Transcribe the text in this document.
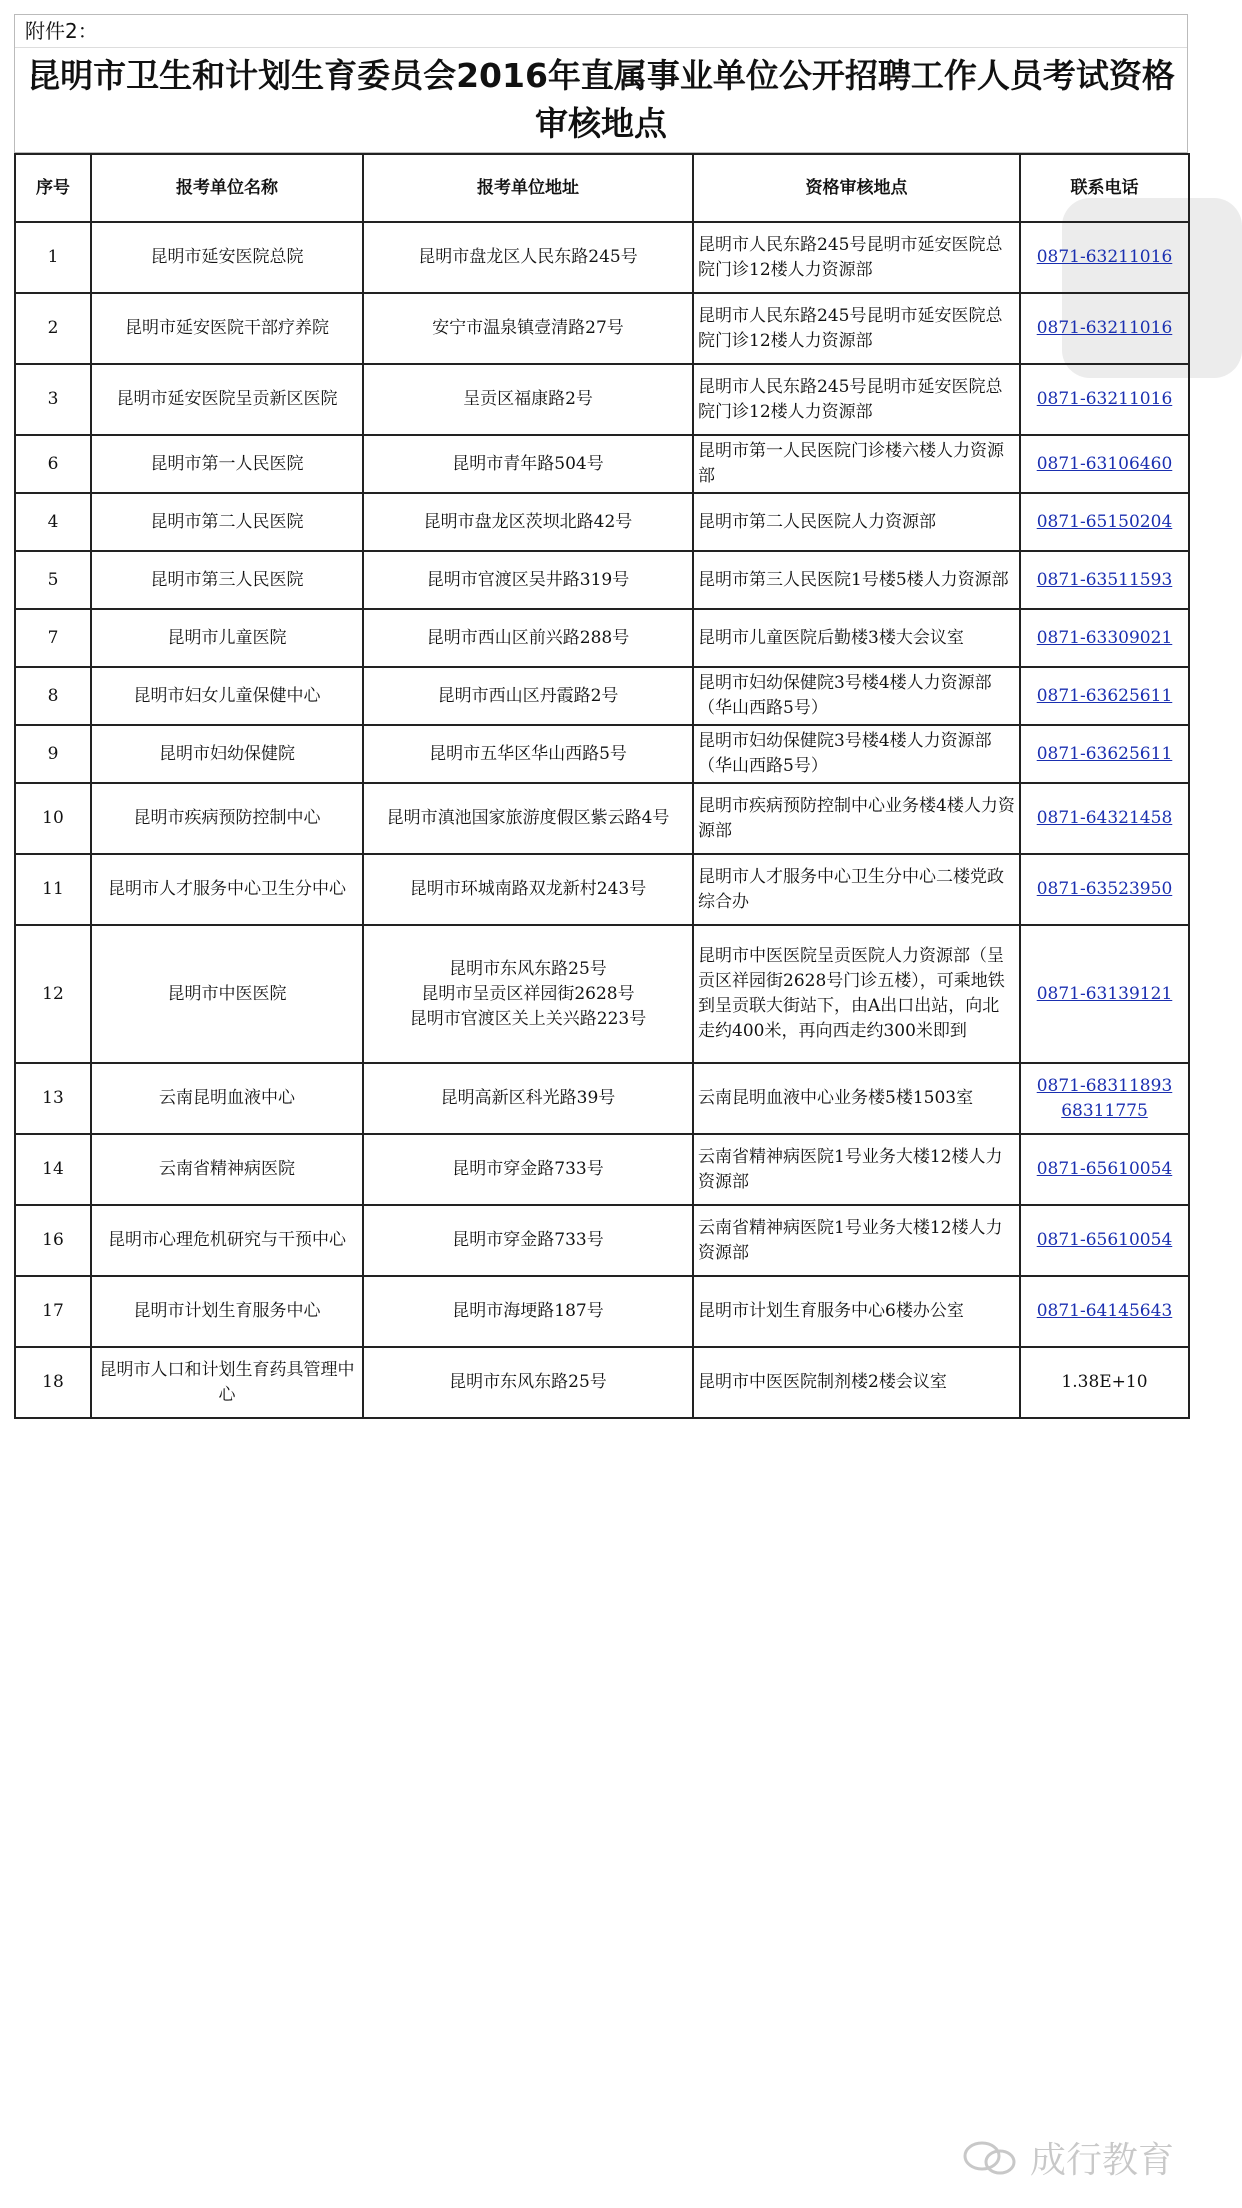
附件2：
昆明市卫生和计划生育委员会2016年直属事业单位公开招聘工作人员考试资格审核地点
序号	报考单位名称	报考单位地址	资格审核地点	联系电话
1	昆明市延安医院总院	昆明市盘龙区人民东路245号	昆明市人民东路245号昆明市延安医院总院门诊12楼人力资源部	0871-63211016
2	昆明市延安医院干部疗养院	安宁市温泉镇壹清路27号	昆明市人民东路245号昆明市延安医院总院门诊12楼人力资源部	0871-63211016
3	昆明市延安医院呈贡新区医院	呈贡区福康路2号	昆明市人民东路245号昆明市延安医院总院门诊12楼人力资源部	0871-63211016
6	昆明市第一人民医院	昆明市青年路504号	昆明市第一人民医院门诊楼六楼人力资源部	0871-63106460
4	昆明市第二人民医院	昆明市盘龙区茨坝北路42号	昆明市第二人民医院人力资源部	0871-65150204
5	昆明市第三人民医院	昆明市官渡区吴井路319号	昆明市第三人民医院1号楼5楼人力资源部	0871-63511593
7	昆明市儿童医院	昆明市西山区前兴路288号	昆明市儿童医院后勤楼3楼大会议室	0871-63309021
8	昆明市妇女儿童保健中心	昆明市西山区丹霞路2号	昆明市妇幼保健院3号楼4楼人力资源部（华山西路5号）	0871-63625611
9	昆明市妇幼保健院	昆明市五华区华山西路5号	昆明市妇幼保健院3号楼4楼人力资源部（华山西路5号）	0871-63625611
10	昆明市疾病预防控制中心	昆明市滇池国家旅游度假区紫云路4号	昆明市疾病预防控制中心业务楼4楼人力资源部	0871-64321458
11	昆明市人才服务中心卫生分中心	昆明市环城南路双龙新村243号	昆明市人才服务中心卫生分中心二楼党政综合办	0871-63523950
12	昆明市中医医院	昆明市东风东路25号
昆明市呈贡区祥园街2628号
昆明市官渡区关上关兴路223号	昆明市中医医院呈贡医院人力资源部（呈贡区祥园街2628号门诊五楼），可乘地铁到呈贡联大街站下，由A出口出站，向北走约400米，再向西走约300米即到	0871-63139121
13	云南昆明血液中心	昆明高新区科光路39号	云南昆明血液中心业务楼5楼1503室	0871-68311893
68311775
14	云南省精神病医院	昆明市穿金路733号	云南省精神病医院1号业务大楼12楼人力资源部	0871-65610054
16	昆明市心理危机研究与干预中心	昆明市穿金路733号	云南省精神病医院1号业务大楼12楼人力资源部	0871-65610054
17	昆明市计划生育服务中心	昆明市海埂路187号	昆明市计划生育服务中心6楼办公室	0871-64145643
18	昆明市人口和计划生育药具管理中心	昆明市东风东路25号	昆明市中医医院制剂楼2楼会议室	1.38E+10
成行教育
